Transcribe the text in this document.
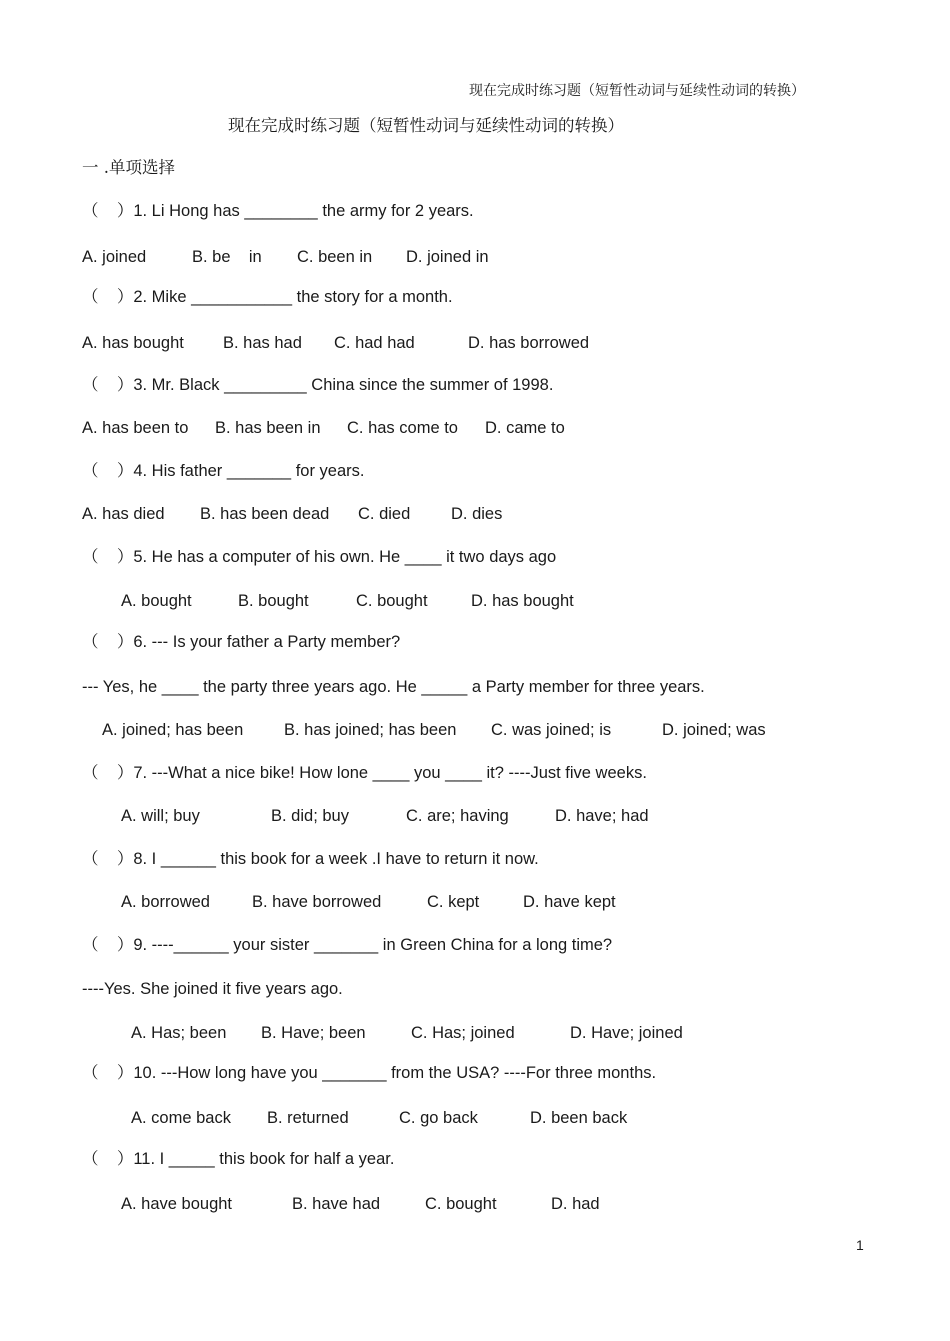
现在完成时练习题（短暂性动词与延续性动词的转换）
现在完成时练习题（短暂性动词与延续性动词的转换）
一 .单项选择
（    ）1. Li Hong has ________ the army for 2 years.
A. joined	B. be    in C. been in D. joined in
（    ）2. Mike ___________ the story for a month.
A. has bought B. has had C. had had	D. has borrowed
（    ）3. Mr. Black _________ China since the summer of 1998.
A. has been to B. has been in C. has come to D. came to
（    ）4. His father _______ for years.
A. has died B. has been dead C. died D. dies
（    ）5. He has a computer of his own. He ____ it two days ago
A. bought	B. bought	C. bought	D. has bought
（    ）6. --- Is your father a Party member?
--- Yes, he ____ the party three years ago. He _____ a Party member for three years.
A. joined; has been B. has joined; has been C. was joined; is	D. joined; was
（    ）7. ---What a nice bike! How lone ____ you ____ it? ----Just five weeks.
A. will; buy	B. did; buy	C. are; having	D. have; had
（    ）8. I ______ this book for a week .I have to return it now.
A. borrowed	B. have borrowed	C. kept	D. have kept
（    ）9. ----______ your sister _______ in Green China for a long time?
----Yes. She joined it five years ago.
A. Has; been B. Have; been	C. Has; joined	D. Have; joined
（    ）10. ---How long have you _______ from the USA? ----For three months.
A. come back B. returned	C. go back	D. been back
（    ）11. I _____ this book for half a year.
A. have bought	B. have had	C. bought	D. had
1
